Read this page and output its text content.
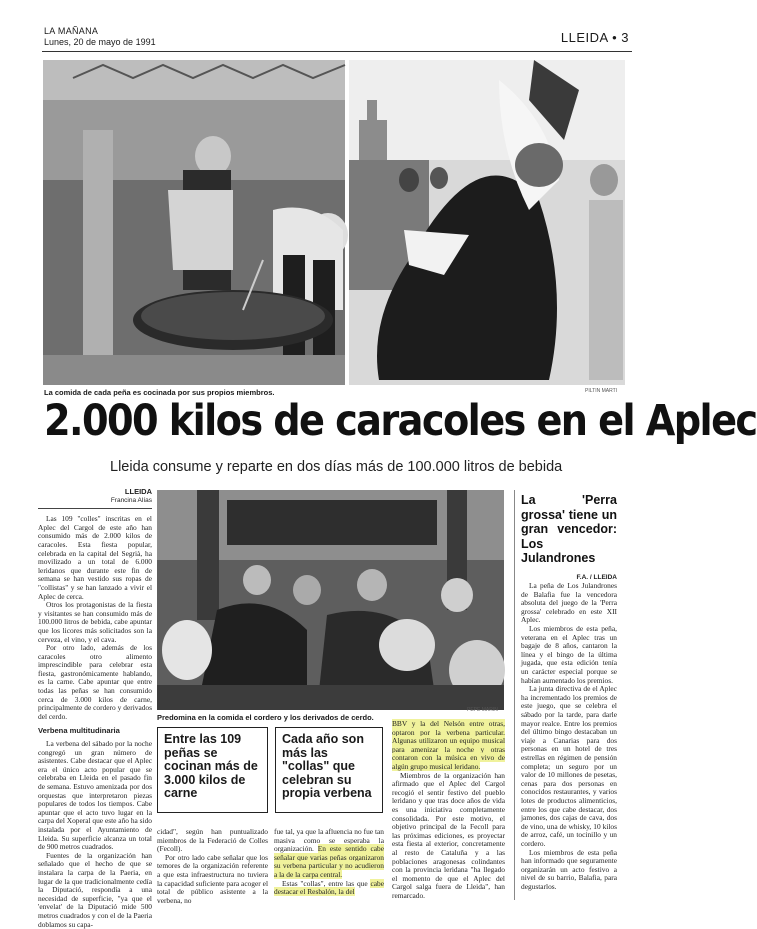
LA MAÑANA
Lunes, 20 de mayo de 1991	LLEIDA • 3
La comida de cada peña es cocinada por sus propios miembros.	PILTIN MARTI
2.000 kilos de caracoles en el Aplec
Lleida consume y reparte en dos días más de 100.000 litros de bebida
LLEIDA
Francina Alías

Las 109 "colles" inscritas en el Aplec del Cargol de este año han consumido más de 2.000 kilos de caracoles. Esta fiesta popular, celebrada en la capital del Segrià, ha movilizado a un total de 6.000 leridanos que durante este fin de semana se han vestido sus ropas de "collistas" y se han lanzado a vivir el Aplec de cerca.

Otros los protagonistas de la fiesta y visitantes se han consumido más de 100.000 litros de bebida, cabe apuntar que los licores más solicitados son la cerveza, el vino, y el cava.

Por otro lado, además de los caracoles otro alimento imprescindible para celebrar esta fiesta, gastronómicamente hablando, es la carne. Cabe apuntar que entre todas las peñas se han consumido cerca de 3.000 kilos de carne, principalmente de cordero y derivados del cerdo.

Verbena multitudinaria

La verbena del sábado por la noche congregó un gran número de asistentes. Cabe destacar que el Aplec era el único acto popular que se celebraba en Lleida en el pasado fin de semana. Estuvo amenizada por dos orquestas que interpretaron piezas populares de todos los tiempos. Cabe apuntar que el acto tuvo lugar en la carpa del Xoperal que este año ha sido instalada por el Ayuntamiento de Lleida. Su superficie alcanza un total de 900 metros cuadrados.

Fuentes de la organización han señalado que el hecho de que se instalara la carpa de la Paeria, en lugar de la que tradicionalmente cedía la Diputació, respondía a una necesidad de superficie, "ya que el 'envelat' de la Diputació mide 500 metros cuadrados y con el de la Paeria doblamos su capa-

Predomina en la comida el cordero y los derivados de cerdo.
PEPE MARIN
Entre las 109 peñas se cocinan más de 3.000 kilos de carne
Cada año son más las "collas" que celebran su propia verbena

cidad", según han puntualizado miembros de la Federació de Colles (Fecoll).

Por otro lado cabe señalar que los temores de la organización referente a que esta infraestructura no tuviera la capacidad suficiente para acoger el total de público asistente a la verbena, no

fue tal, ya que la afluencia no fue tan masiva como se esperaba la organización. En este sentido cabe señalar que varias peñas organizaron su verbena particular y no acudieron a la de la carpa central.

Estas "collas", entre las que cabe destacar el Resbalón, la del

BBV y la del Nelsón entre otras, optaron por la verbena particular. Algunas utilizaron un equipo musical para amenizar la noche y otras contaron con la música en vivo de algún grupo musical leridano.

Miembros de la organización han afirmado que el Aplec del Cargol recogió el sentir festivo del pueblo leridano y que tras doce años de vida es una iniciativa completamente consolidada. Por este motivo, el objetivo principal de la Fecoll para las próximas ediciones, es proyectar esta fiesta al exterior, concretamente al resto de Cataluña y a las poblaciones aragonesas colindantes con la provincia leridana "ha llegado el momento de que el Aplec del Cargol salga fuera de Lleida", han remarcado.

La 'Perra grossa' tiene un gran vencedor: Los Julandrones
F.A. / LLEIDA

La peña de Los Julandrones de Balafia fue la vencedora absoluta del juego de la 'Perra grossa' celebrado en este XII Aplec.

Los miembros de esta peña, veterana en el Aplec tras un bagaje de 8 años, cantaron la línea y el bingo de la última jugada, que esta edición tenía un carácter especial porque se habían aumentado los premios.

La junta directiva de el Aplec ha incrementado los premios de este juego, que se celebra el sábado por la tarde, para darle mayor realce. Entre los premios del último bingo destacaban un viaje a Canarias para dos personas en un hotel de tres estrellas en régimen de pensión completa; un seguro por un valor de 10 millones de pesetas, cenas para dos personas en conocidos restaurantes, y varios lotes de productos alimenticios, entre los que cabe destacar, dos jamones, dos cajas de cava, dos de vino, una de whisky, 10 kilos de arroz, café, un tocinillo y un cordero.

Los miembros de esta peña han informado que seguramente organizarán un acto festivo a nivel de su barrio, Balafia, para degustarlos.
